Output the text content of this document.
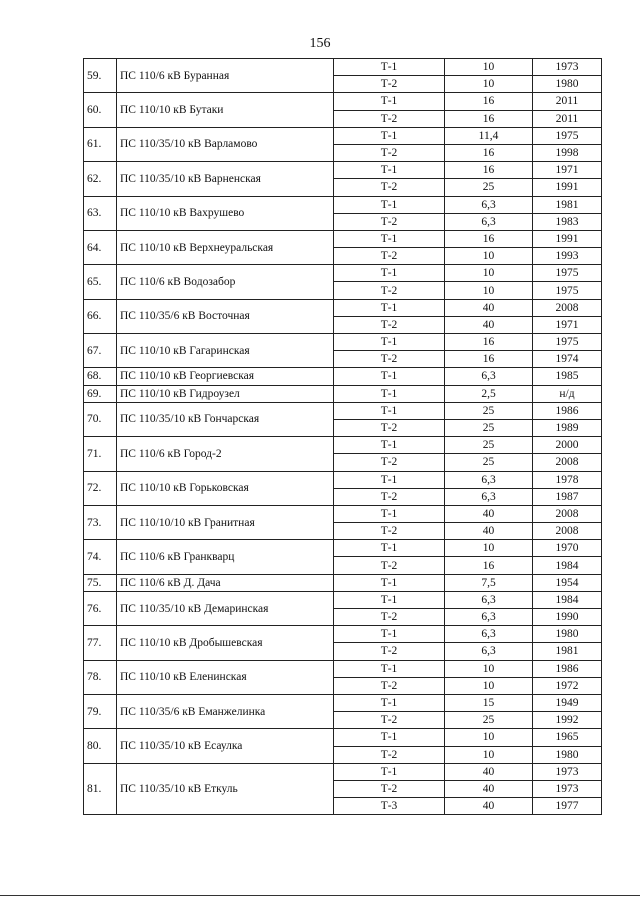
156
59.	ПС 110/6 кВ Буранная	Т-1	10	1973
		Т-2	10	1980
60.	ПС 110/10 кВ Бутаки	Т-1	16	2011
		Т-2	16	2011
61.	ПС 110/35/10 кВ Варламово	Т-1	11,4	1975
		Т-2	16	1998
62.	ПС 110/35/10 кВ Варненская	Т-1	16	1971
		Т-2	25	1991
63.	ПС 110/10 кВ Вахрушево	Т-1	6,3	1981
		Т-2	6,3	1983
64.	ПС 110/10 кВ Верхнеуральская	Т-1	16	1991
		Т-2	10	1993
65.	ПС 110/6 кВ Водозабор	Т-1	10	1975
		Т-2	10	1975
66.	ПС 110/35/6 кВ Восточная	Т-1	40	2008
		Т-2	40	1971
67.	ПС 110/10 кВ Гагаринская	Т-1	16	1975
		Т-2	16	1974
68.	ПС 110/10 кВ Георгиевская	Т-1	6,3	1985
69.	ПС 110/10 кВ Гидроузел	Т-1	2,5	н/д
70.	ПС 110/35/10 кВ Гончарская	Т-1	25	1986
		Т-2	25	1989
71.	ПС 110/6 кВ Город-2	Т-1	25	2000
		Т-2	25	2008
72.	ПС 110/10 кВ Горьковская	Т-1	6,3	1978
		Т-2	6,3	1987
73.	ПС 110/10/10 кВ Гранитная	Т-1	40	2008
		Т-2	40	2008
74.	ПС 110/6 кВ Гранкварц	Т-1	10	1970
		Т-2	16	1984
75.	ПС 110/6 кВ Д. Дача	Т-1	7,5	1954
76.	ПС 110/35/10 кВ Демаринская	Т-1	6,3	1984
		Т-2	6,3	1990
77.	ПС 110/10 кВ Дробышевская	Т-1	6,3	1980
		Т-2	6,3	1981
78.	ПС 110/10 кВ Еленинская	Т-1	10	1986
		Т-2	10	1972
79.	ПС 110/35/6 кВ Еманжелинка	Т-1	15	1949
		Т-2	25	1992
80.	ПС 110/35/10 кВ Есаулка	Т-1	10	1965
		Т-2	10	1980
81.	ПС 110/35/10 кВ Еткуль	Т-1	40	1973
		Т-2	40	1973
		Т-3	40	1977
